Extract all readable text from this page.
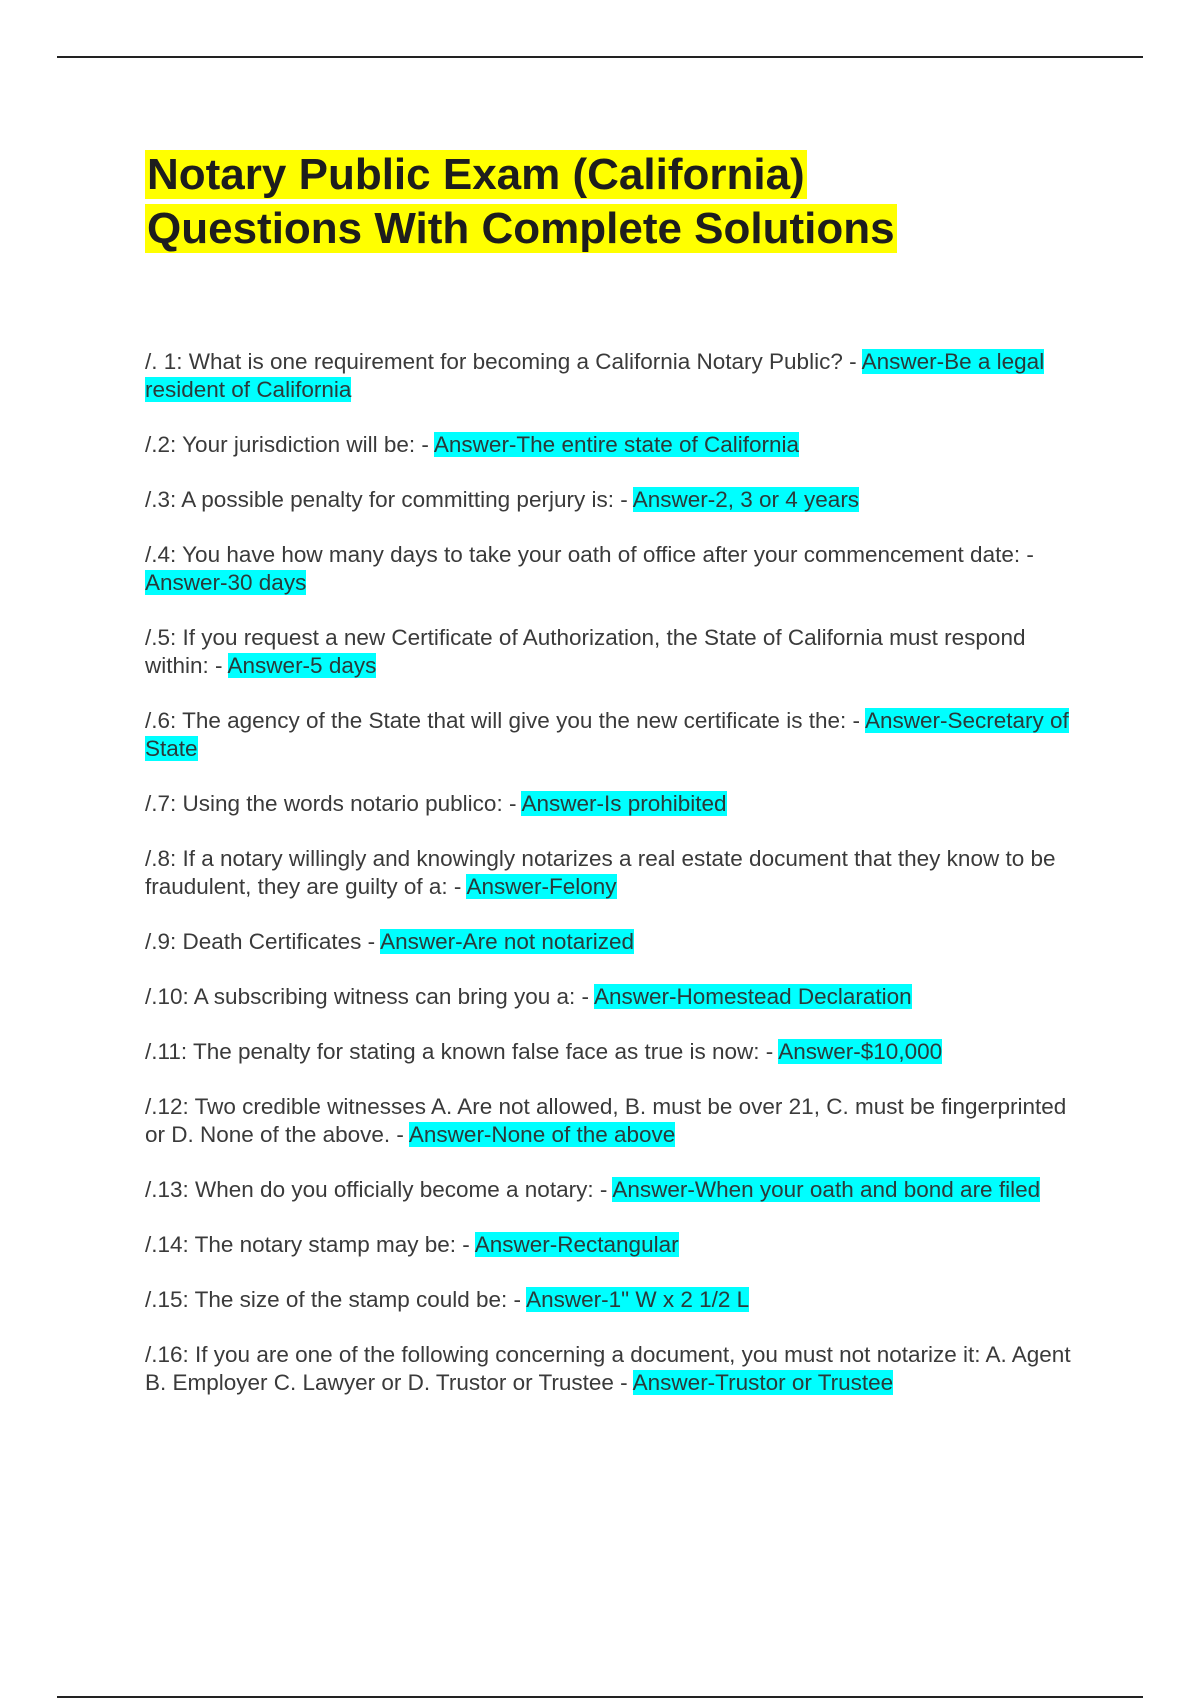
Notary Public Exam (California)
Questions With Complete Solutions

/. 1: What is one requirement for becoming a California Notary Public? - Answer-Be a legal resident of California

/.2: Your jurisdiction will be: - Answer-The entire state of California

/.3: A possible penalty for committing perjury is: - Answer-2, 3 or 4 years

/.4: You have how many days to take your oath of office after your commencement date: - Answer-30 days

/.5: If you request a new Certificate of Authorization, the State of California must respond within: - Answer-5 days

/.6: The agency of the State that will give you the new certificate is the: - Answer-Secretary of State

/.7: Using the words notario publico: - Answer-Is prohibited

/.8: If a notary willingly and knowingly notarizes a real estate document that they know to be fraudulent, they are guilty of a: - Answer-Felony

/.9: Death Certificates - Answer-Are not notarized

/.10: A subscribing witness can bring you a: - Answer-Homestead Declaration

/.11: The penalty for stating a known false face as true is now: - Answer-$10,000

/.12: Two credible witnesses A. Are not allowed, B. must be over 21, C. must be fingerprinted or D. None of the above. - Answer-None of the above

/.13: When do you officially become a notary: - Answer-When your oath and bond are filed

/.14: The notary stamp may be: - Answer-Rectangular

/.15: The size of the stamp could be: - Answer-1" W x 2 1/2 L

/.16: If you are one of the following concerning a document, you must not notarize it: A. Agent B. Employer C. Lawyer or D. Trustor or Trustee - Answer-Trustor or Trustee
